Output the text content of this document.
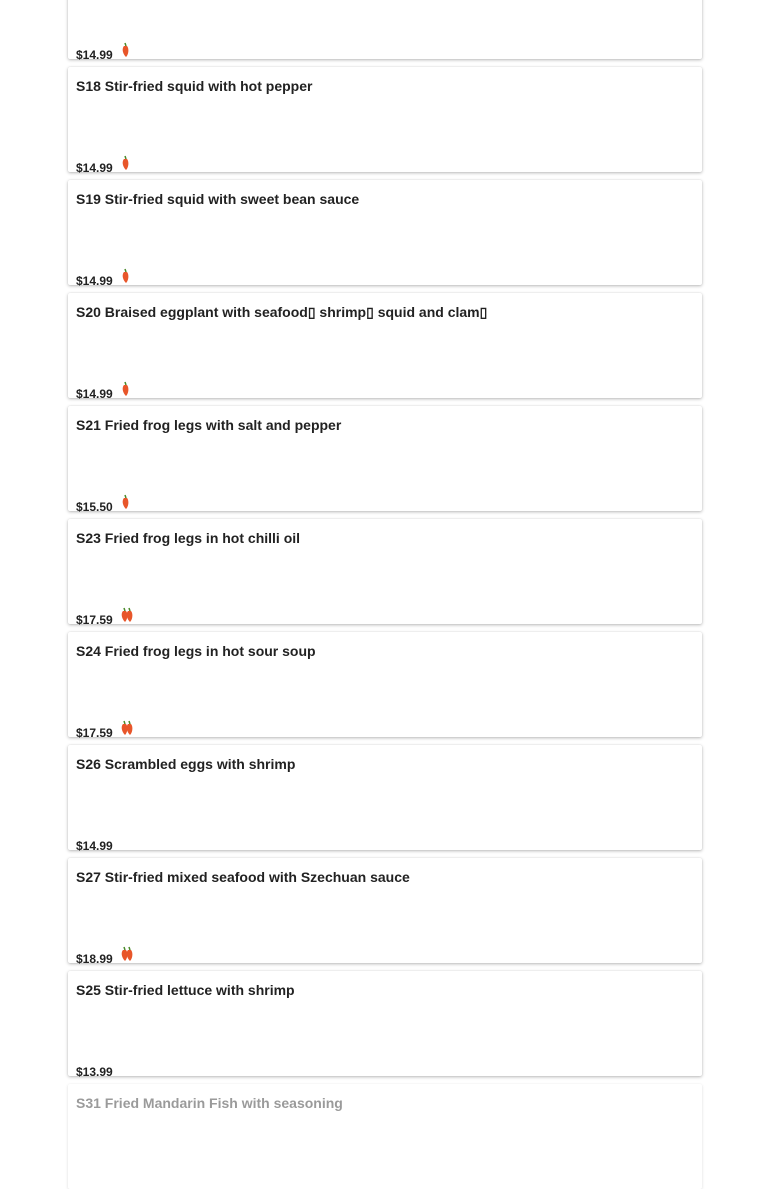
$14.99
S18 Stir-fried squid with hot pepper
$14.99
S19 Stir-fried squid with sweet bean sauce
$14.99
S20 Braised eggplant with seafood▯ shrimp▯ squid and clam▯
$14.99
S21 Fried frog legs with salt and pepper
$15.50
S23 Fried frog legs in hot chilli oil
$17.59
S24 Fried frog legs in hot sour soup
$17.59
S26 Scrambled eggs with shrimp
$14.99
S27 Stir-fried mixed seafood with Szechuan sauce
$18.99
S25 Stir-fried lettuce with shrimp
$13.99
S31 Fried Mandarin Fish with seasoning
